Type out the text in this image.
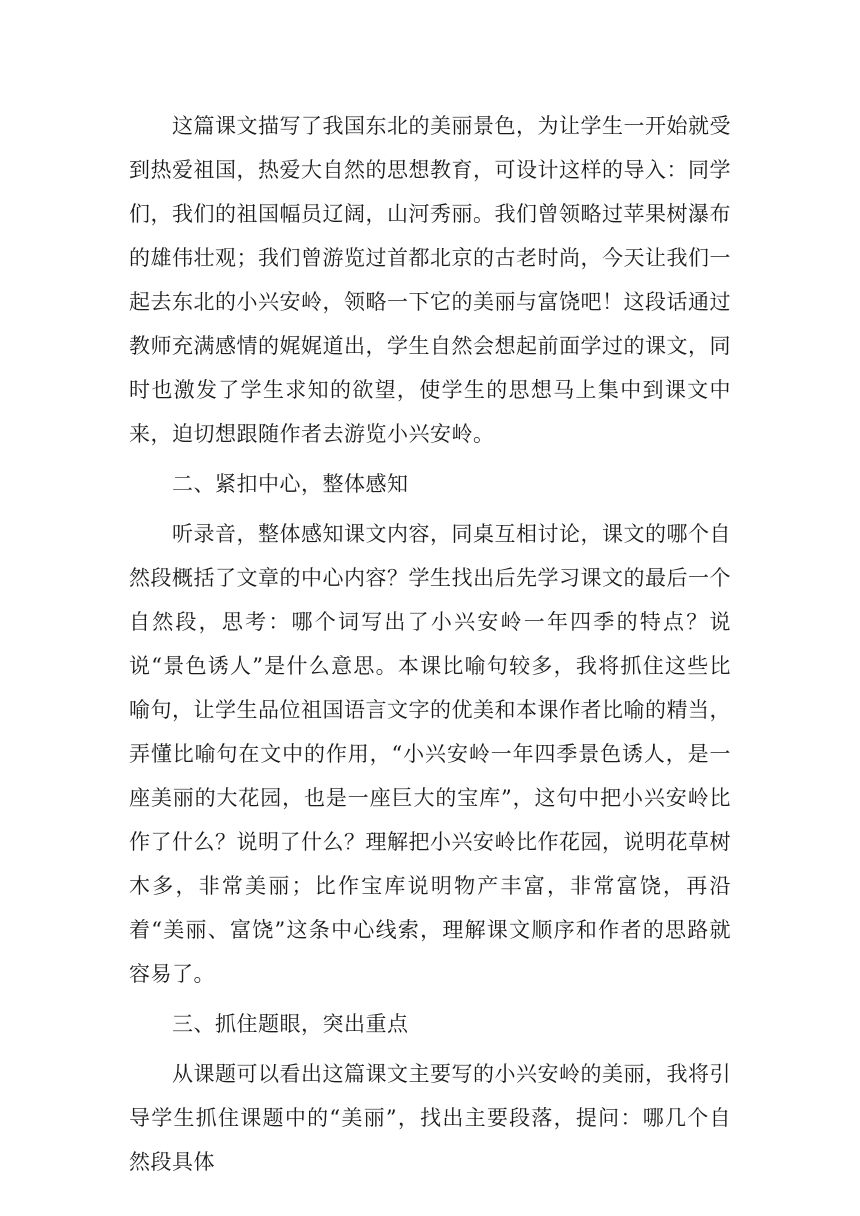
这篇课文描写了我国东北的美丽景色，为让学生一开始就受到热爱祖国，热爱大自然的思想教育，可设计这样的导入：同学们，我们的祖国幅员辽阔，山河秀丽。我们曾领略过苹果树瀑布的雄伟壮观；我们曾游览过首都北京的古老时尚，今天让我们一起去东北的小兴安岭，领略一下它的美丽与富饶吧！这段话通过教师充满感情的娓娓道出，学生自然会想起前面学过的课文，同时也激发了学生求知的欲望，使学生的思想马上集中到课文中来，迫切想跟随作者去游览小兴安岭。

二、紧扣中心，整体感知

听录音，整体感知课文内容，同桌互相讨论，课文的哪个自然段概括了文章的中心内容？学生找出后先学习课文的最后一个自然段，思考：哪个词写出了小兴安岭一年四季的特点？说说“景色诱人”是什么意思。本课比喻句较多，我将抓住这些比喻句，让学生品位祖国语言文字的优美和本课作者比喻的精当，弄懂比喻句在文中的作用，“小兴安岭一年四季景色诱人，是一座美丽的大花园，也是一座巨大的宝库”，这句中把小兴安岭比作了什么？说明了什么？理解把小兴安岭比作花园，说明花草树木多，非常美丽；比作宝库说明物产丰富，非常富饶，再沿着“美丽、富饶”这条中心线索，理解课文顺序和作者的思路就容易了。

三、抓住题眼，突出重点

从课题可以看出这篇课文主要写的小兴安岭的美丽，我将引导学生抓住课题中的“美丽”，找出主要段落，提问：哪几个自然段具体
